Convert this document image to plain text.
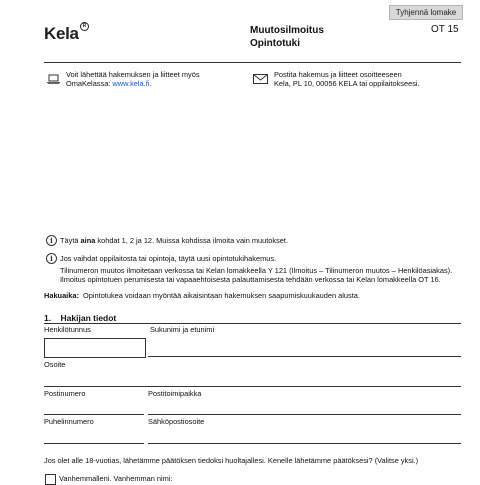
Tyhjennä lomake
Kela R	Muutosilmoitus
Opintotuki
OT 15
Voit lähettää hakemuksen ja liitteet myös
OmaKelassa: www.kela.fi.
Postita hakemus ja liitteet osoitteeseen
Kela, PL 10, 00056 KELA tai oppilaitokseesi.
i Täytä aina kohdat 1, 2 ja 12. Muissa kohdissa ilmoita vain muutokset.
i Jos vaihdat oppilaitosta tai opintoja, täytä uusi opintotukihakemus.
Tilinumeron muutos ilmoitetaan verkossa tai Kelan lomakkeella Y 121 (Ilmoitus – Tilinumeron muutos – Henkilöasiakas).
Ilmoitus opintotuen perumisesta tai vapaaehtoisesta palauttamisesta tehdään verkossa tai Kelan lomakkeella OT 16.
Hakuaika: Opintotukea voidaan myöntää aikaisintaan hakemuksen saapumiskuukauden alusta.
1.    Hakijan tiedot
Henkilötunnus	Sukunimi ja etunimi
Osoite
Postinumero	Postitoimipaikka
Puhelinnumero	Sähköpostiosoite
Jos olet alle 18-vuotias, lähetämme päätöksen tiedoksi huoltajallesi. Kenelle lähetämme päätöksesi? (Valitse yksi.)
Vanhemmalleni. Vanhemman nimi:
